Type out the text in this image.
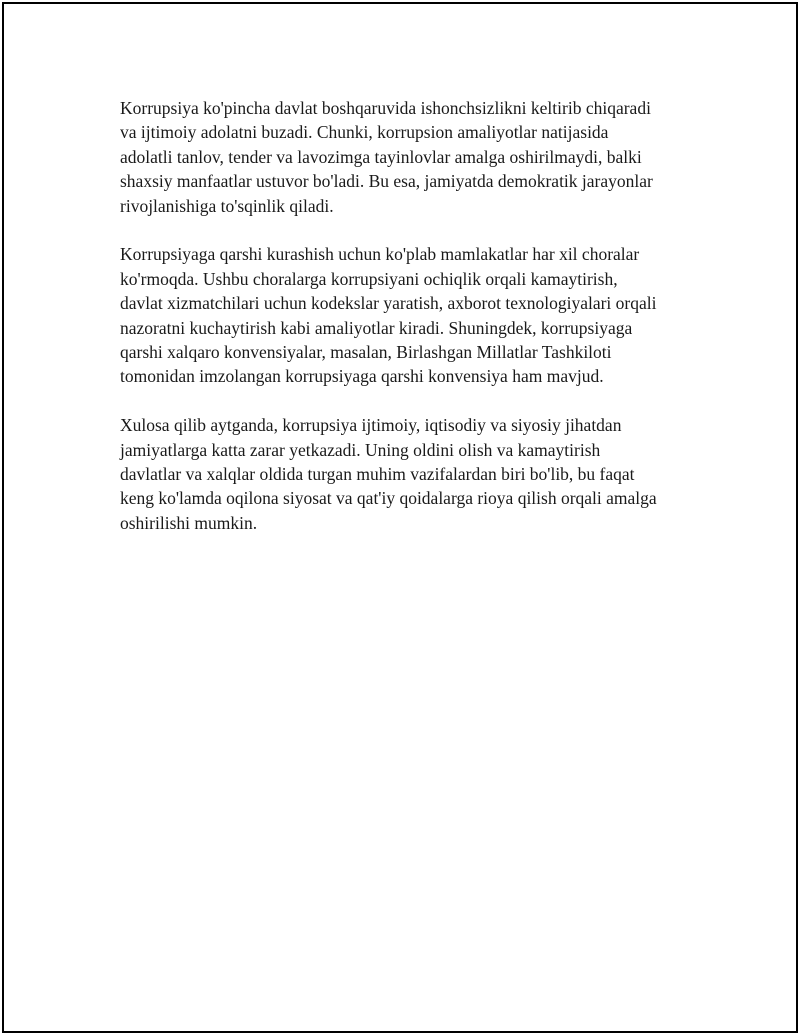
Korrupsiya ko'pincha davlat boshqaruvida ishonchsizlikni keltirib chiqaradi
va ijtimoiy adolatni buzadi. Chunki, korrupsion amaliyotlar natijasida
adolatli tanlov, tender va lavozimga tayinlovlar amalga oshirilmaydi, balki
shaxsiy manfaatlar ustuvor bo'ladi. Bu esa, jamiyatda demokratik jarayonlar
rivojlanishiga to'sqinlik qiladi.

Korrupsiyaga qarshi kurashish uchun ko'plab mamlakatlar har xil choralar
ko'rmoqda. Ushbu choralarga korrupsiyani ochiqlik orqali kamaytirish,
davlat xizmatchilari uchun kodekslar yaratish, axborot texnologiyalari orqali
nazoratni kuchaytirish kabi amaliyotlar kiradi. Shuningdek, korrupsiyaga
qarshi xalqaro konvensiyalar, masalan, Birlashgan Millatlar Tashkiloti
tomonidan imzolangan korrupsiyaga qarshi konvensiya ham mavjud.

Xulosa qilib aytganda, korrupsiya ijtimoiy, iqtisodiy va siyosiy jihatdan
jamiyatlarga katta zarar yetkazadi. Uning oldini olish va kamaytirish
davlatlar va xalqlar oldida turgan muhim vazifalardan biri bo'lib, bu faqat
keng ko'lamda oqilona siyosat va qat'iy qoidalarga rioya qilish orqali amalga
oshirilishi mumkin.
